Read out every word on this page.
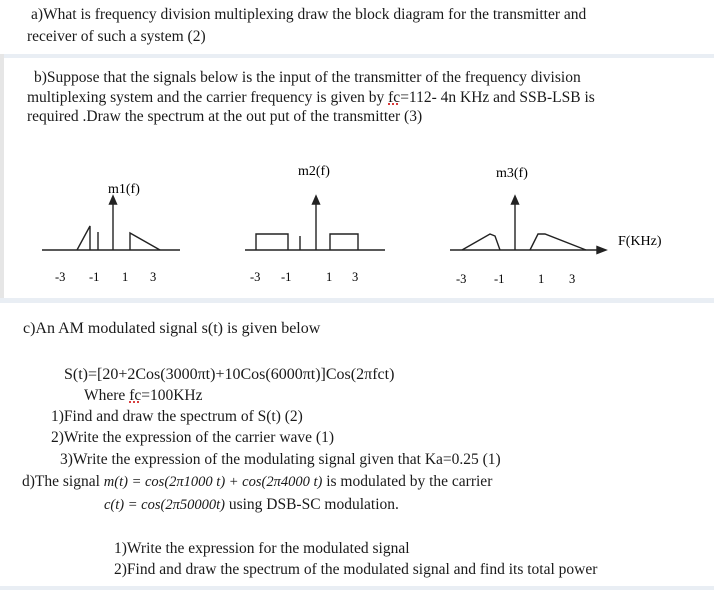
a)What is frequency division multiplexing draw the block diagram for the transmitter and
receiver of such a system (2)
b)Suppose that the signals below is the input of the transmitter of the frequency division
multiplexing system and the carrier frequency is given by fc=112- 4n KHz and SSB-LSB is
required .Draw the spectrum at the out put of the transmitter (3)
m1(f)
m2(f)	m3(f)
F(KHz)
-3 -1 1 3	-3 -1	1 3	-3 -1	1 3
c)An AM modulated signal s(t) is given below
S(t)=[20+2Cos(3000πt)+10Cos(6000πt)]Cos(2πfct)
Where fc=100KHz
1)Find and draw the spectrum of S(t) (2)
2)Write the expression of the carrier wave (1)
3)Write the expression of the modulating signal given that Ka=0.25 (1)
d)The signal m(t) = cos(2π1000 t) + cos(2π4000 t) is modulated by the carrier
c(t) = cos(2π50000t) using DSB-SC modulation.
1)Write the expression for the modulated signal
2)Find and draw the spectrum of the modulated signal and find its total power
